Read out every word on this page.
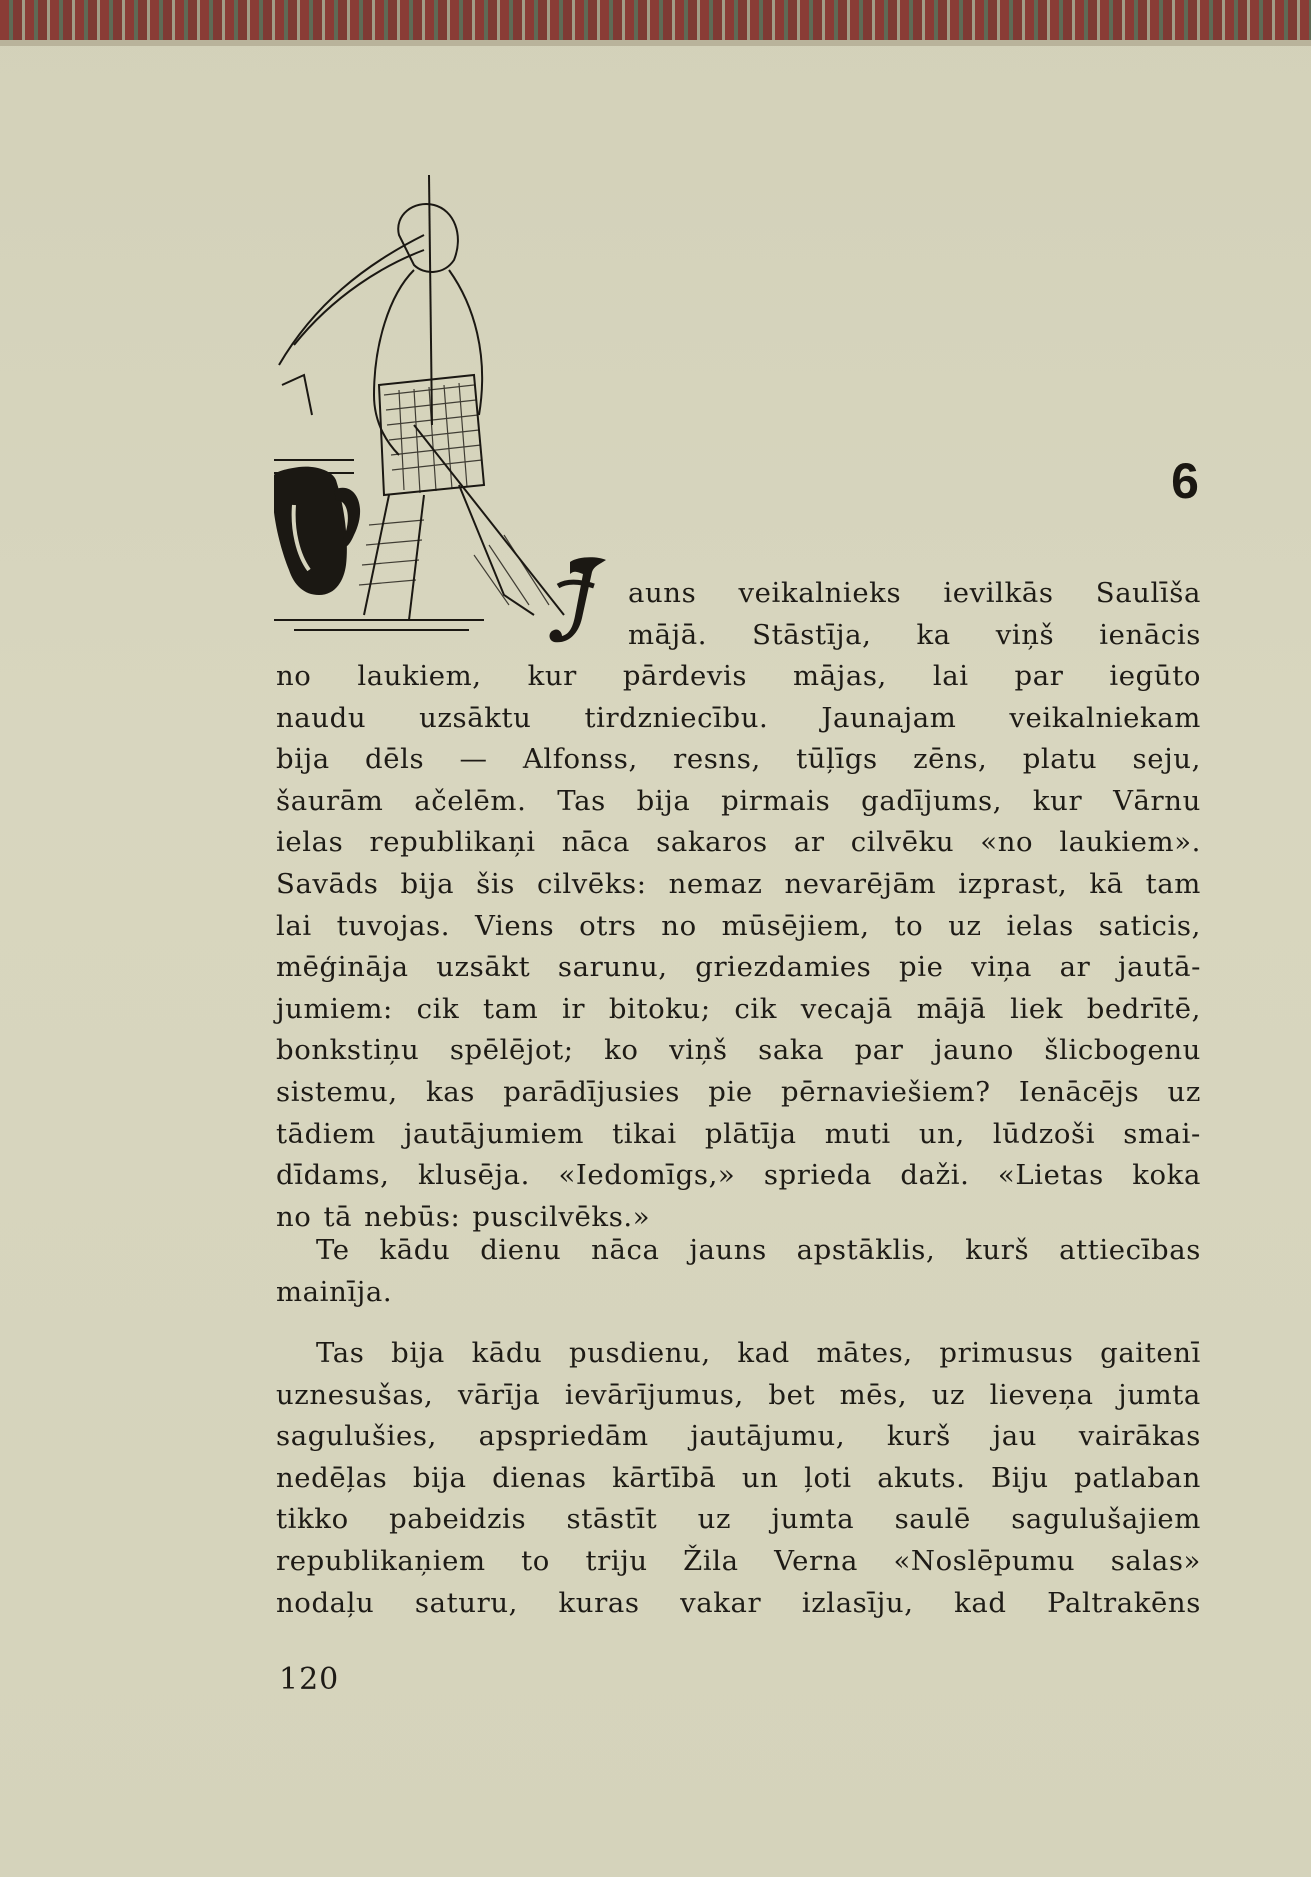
6
J
auns veikalnieks ievilkās Saulīša
mājā. Stāstīja, ka viņš ienācis
no laukiem, kur pārdevis mājas, lai par iegūto
naudu uzsāktu tirdzniecību. Jaunajam veikalniekam
bija dēls — Alfonss, resns, tūļīgs zēns, platu seju,
šaurām ačelēm. Tas bija pirmais gadījums, kur Vārnu
ielas republikaņi nāca sakaros ar cilvēku «no laukiem».
Savāds bija šis cilvēks: nemaz nevarējām izprast, kā tam
lai tuvojas. Viens otrs no mūsējiem, to uz ielas saticis,
mēģināja uzsākt sarunu, griezdamies pie viņa ar jautā-
jumiem: cik tam ir bitoku; cik vecajā mājā liek bedrītē,
bonkstiņu spēlējot; ko viņš saka par jauno šlicbogenu
sistemu, kas parādījusies pie pērnaviešiem? Ienācējs uz
tādiem jautājumiem tikai plātīja muti un, lūdzoši smai-
dīdams, klusēja. «Iedomīgs,» sprieda daži. «Lietas koka
no tā nebūs: puscilvēks.»
Te kādu dienu nāca jauns apstāklis, kurš attiecības
mainīja.
Tas bija kādu pusdienu, kad mātes, primusus gaitenī
uznesušas, vārīja ievārījumus, bet mēs, uz lieveņa jumta
sagulušies, apspriedām jautājumu, kurš jau vairākas
nedēļas bija dienas kārtībā un ļoti akuts. Biju patlaban
tikko pabeidzis stāstīt uz jumta saulē sagulušajiem
republikaņiem to triju Žila Verna «Noslēpumu salas»
nodaļu saturu, kuras vakar izlasīju, kad Paltrakēns
120
